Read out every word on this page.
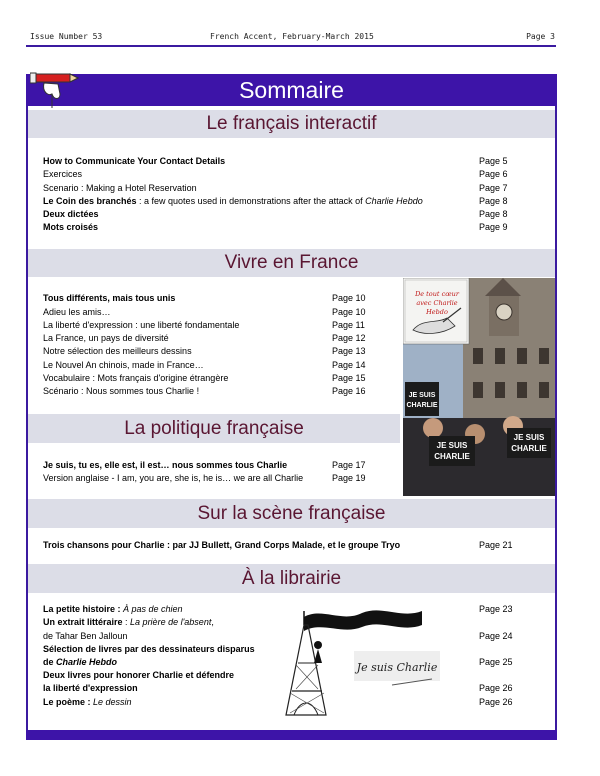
Issue Number 53	French Accent, February-March 2015	Page 3
Sommaire
Le français interactif
How to Communicate Your Contact Details	Page 5
Exercices	Page 6
Scenario : Making a Hotel Reservation	Page 7
Le Coin des branchés : a few quotes used in demonstrations after the attack of Charlie Hebdo	Page 8
Deux dictées	Page 8
Mots croisés	Page 9
Vivre en France
Tous différents, mais tous unis	Page 10
Adieu les amis…	Page 10
La liberté d'expression : une liberté fondamentale	Page 11
La France, un pays de diversité	Page 12
Notre sélection des meilleurs dessins	Page 13
Le Nouvel An chinois, made in France…	Page 14
Vocabulaire : Mots français d'origine étrangère	Page 15
Scénario : Nous sommes tous Charlie !	Page 16
La politique française
Je suis, tu es, elle est, il est… nous sommes tous Charlie	Page 17
Version anglaise - I am, you are, she is, he is… we are all Charlie	Page 19
JE SUIS
CHARLIE
JE SUIS
CHARLIE
JE SUIS
CHARLIE
De tout cœur
avec Charlie
Hebdo
Sur la scène française
Trois chansons pour Charlie : par JJ Bullett, Grand Corps Malade, et le groupe Tryo	Page 21
À la librairie
La petite histoire : À pas de chien	Page 23
Un extrait littéraire : La prière de l'absent,
de Tahar Ben Jalloun	Page 24
Sélection de livres par des dessinateurs disparus
de Charlie Hebdo	Page 25
Deux livres pour honorer Charlie et défendre
la liberté d'expression	Page 26
Le poème : Le dessin	Page 26
Je suis Charlie
